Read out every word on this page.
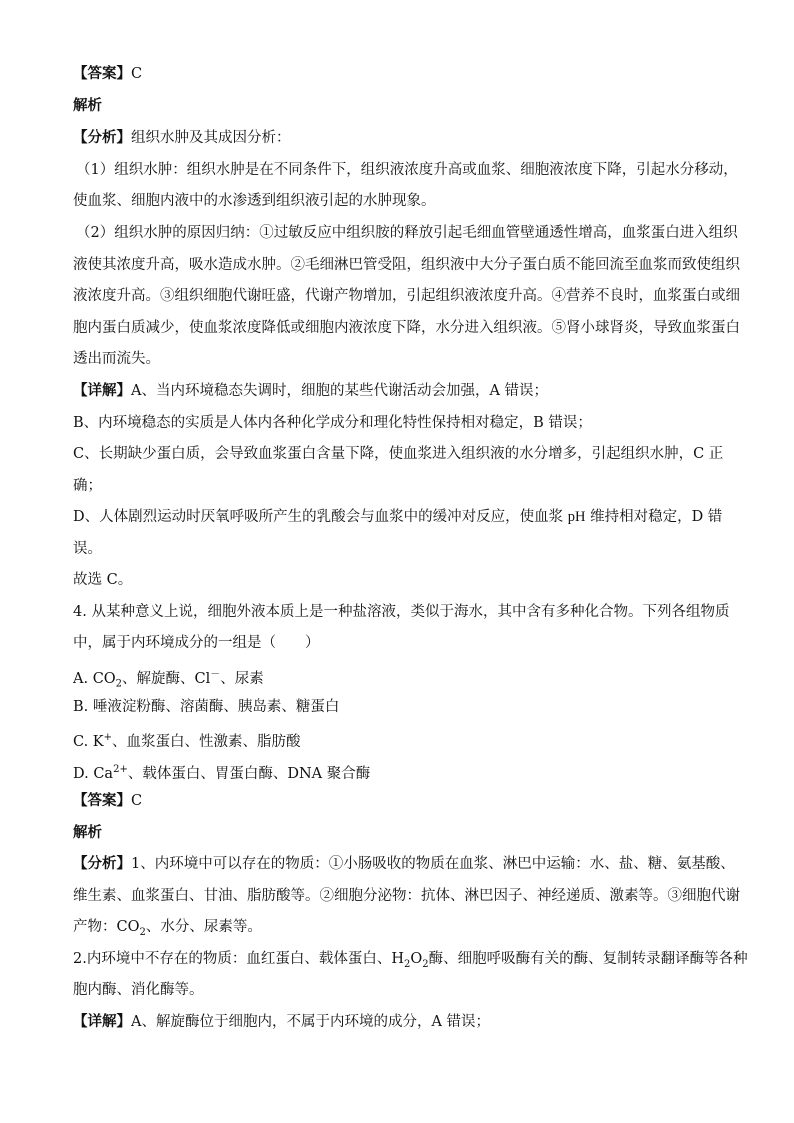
【答案】C
解析
【分析】组织水肿及其成因分析：
（1）组织水肿：组织水肿是在不同条件下，组织液浓度升高或血浆、细胞液浓度下降，引起水分移动，
使血浆、细胞内液中的水渗透到组织液引起的水肿现象。
（2）组织水肿的原因归纳：①过敏反应中组织胺的释放引起毛细血管壁通透性增高，血浆蛋白进入组织
液使其浓度升高，吸水造成水肿。②毛细淋巴管受阻，组织液中大分子蛋白质不能回流至血浆而致使组织
液浓度升高。③组织细胞代谢旺盛，代谢产物增加，引起组织液浓度升高。④营养不良时，血浆蛋白或细
胞内蛋白质减少，使血浆浓度降低或细胞内液浓度下降，水分进入组织液。⑤肾小球肾炎，导致血浆蛋白
透出而流失。
【详解】A、当内环境稳态失调时，细胞的某些代谢活动会加强，A 错误；
B、内环境稳态的实质是人体内各种化学成分和理化特性保持相对稳定，B 错误；
C、长期缺少蛋白质，会导致血浆蛋白含量下降，使血浆进入组织液的水分增多，引起组织水肿，C 正
确；
D、人体剧烈运动时厌氧呼吸所产生的乳酸会与血浆中的缓冲对反应，使血浆 pH 维持相对稳定，D 错
误。
故选 C。
4. 从某种意义上说，细胞外液本质上是一种盐溶液，类似于海水，其中含有多种化合物。下列各组物质
中，属于内环境成分的一组是（　　）
A. $CO_2$、解旋酶、Cl－、尿素
B. 唾液淀粉酶、溶菌酶、胰岛素、糖蛋白
C. K+、血浆蛋白、性激素、脂肪酸
D. $Ca^{2+}$、载体蛋白、胃蛋白酶、DNA 聚合酶
【答案】C
解析
【分析】1、内环境中可以存在的物质：①小肠吸收的物质在血浆、淋巴中运输：水、盐、糖、氨基酸、
维生素、血浆蛋白、甘油、脂肪酸等。②细胞分泌物：抗体、淋巴因子、神经递质、激素等。③细胞代谢
产物：$CO_2$、水分、尿素等。
2.内环境中不存在的物质：血红蛋白、载体蛋白、$H_2O_2$酶、细胞呼吸酶有关的酶、复制转录翻译酶等各种
胞内酶、消化酶等。
【详解】A、解旋酶位于细胞内，不属于内环境的成分，A 错误；
